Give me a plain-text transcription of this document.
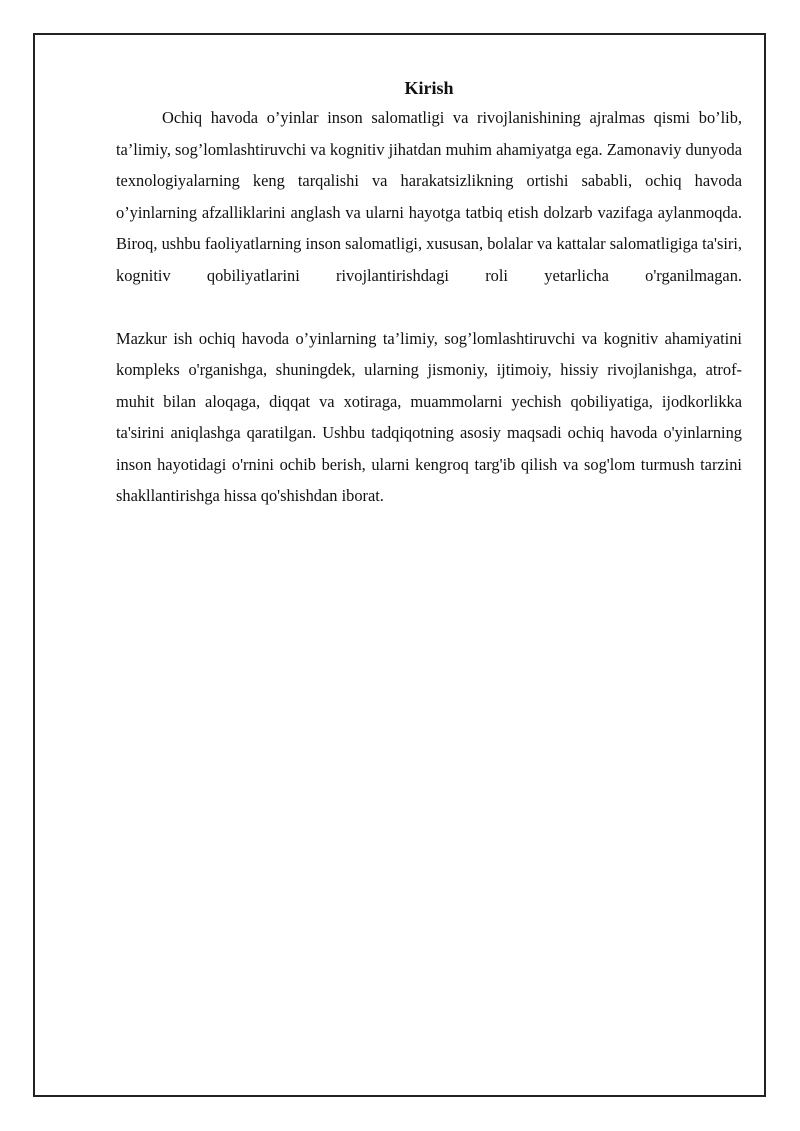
Kirish

Ochiq havoda o’yinlar inson salomatligi va rivojlanishining ajralmas qismi bo’lib, ta’limiy, sog’lomlashtiruvchi va kognitiv jihatdan muhim ahamiyatga ega. Zamonaviy dunyoda texnologiyalarning keng tarqalishi va harakatsizlikning ortishi sababli, ochiq havoda o’yinlarning afzalliklarini anglash va ularni hayotga tatbiq etish dolzarb vazifaga aylanmoqda. Biroq, ushbu faoliyatlarning inson salomatligi, xususan, bolalar va kattalar salomatligiga ta'siri, kognitiv qobiliyatlarini rivojlantirishdagi roli yetarlicha o'rganilmagan.

Mazkur ish ochiq havoda o’yinlarning ta’limiy, sog’lomlashtiruvchi va kognitiv ahamiyatini kompleks o'rganishga, shuningdek, ularning jismoniy, ijtimoiy, hissiy rivojlanishga, atrof-muhit bilan aloqaga, diqqat va xotiraga, muammolarni yechish qobiliyatiga, ijodkorlikka ta'sirini aniqlashga qaratilgan. Ushbu tadqiqotning asosiy maqsadi ochiq havoda o'yinlarning inson hayotidagi o'rnini ochib berish, ularni kengroq targ'ib qilish va sog'lom turmush tarzini shakllantirishga hissa qo'shishdan iborat.
